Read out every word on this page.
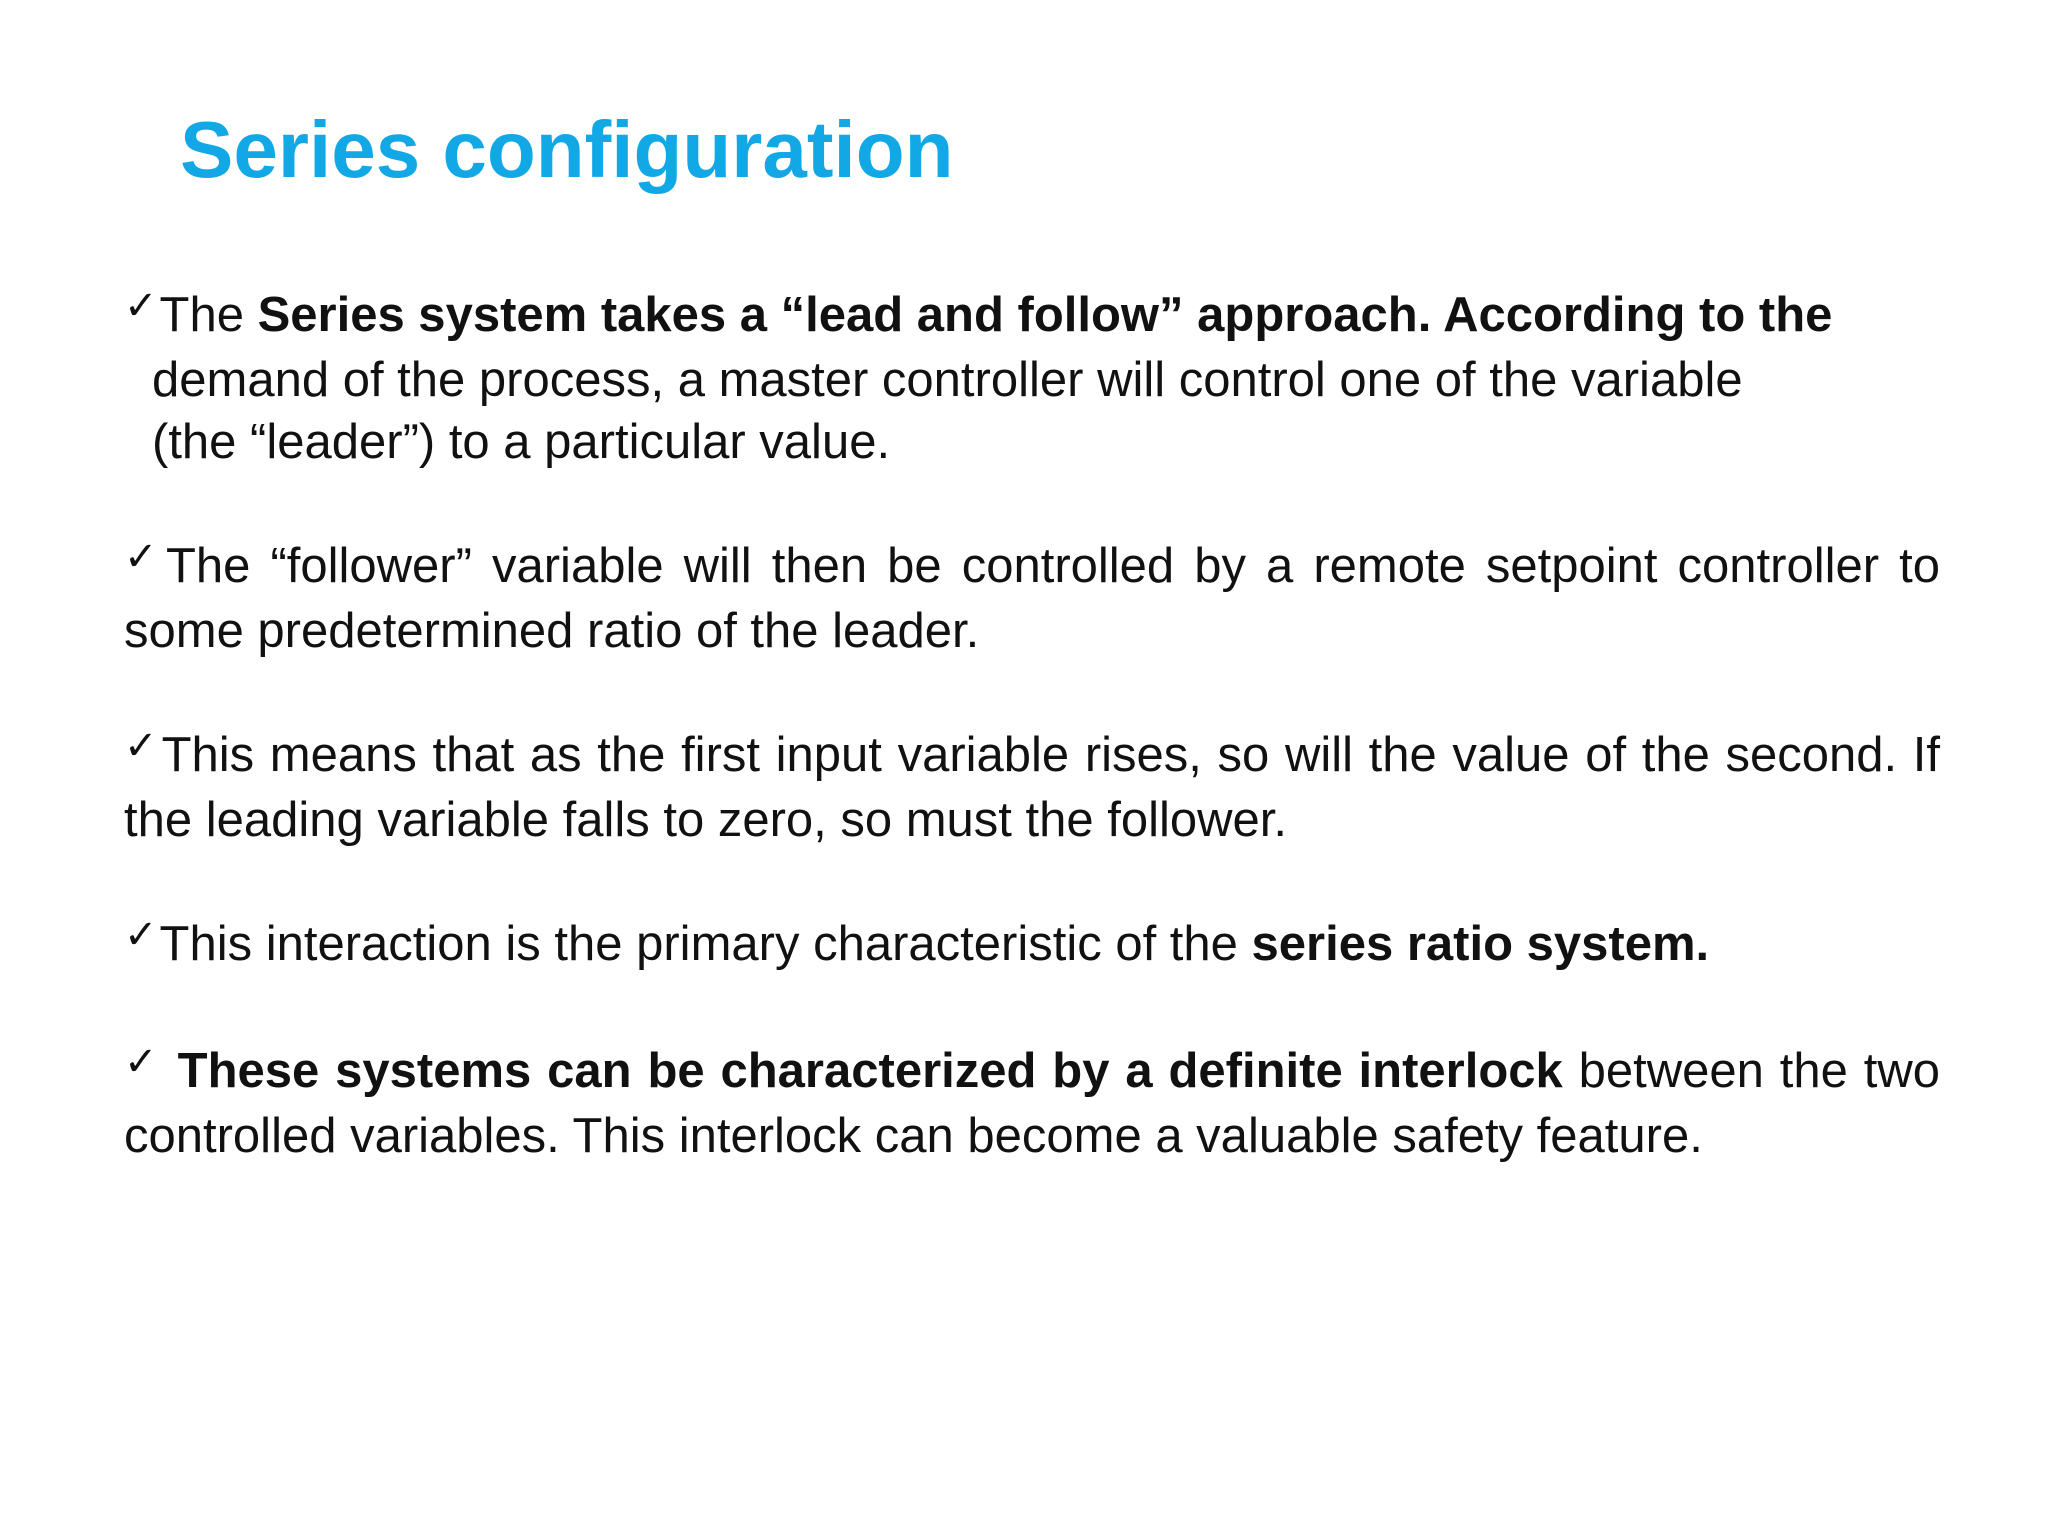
Series configuration
✓The Series system takes a “lead and follow” approach. According to the
demand of the process, a master controller will control one of the variable
(the “leader”) to a particular value.
✓The “follower” variable will then be controlled by a remote setpoint controller to some predetermined ratio of the leader.
✓This means that as the first input variable rises, so will the value of the second. If the leading variable falls to zero, so must the follower.
✓This interaction is the primary characteristic of the series ratio system.
✓ These systems can be characterized by a definite interlock between the two controlled variables. This interlock can become a valuable safety feature.
